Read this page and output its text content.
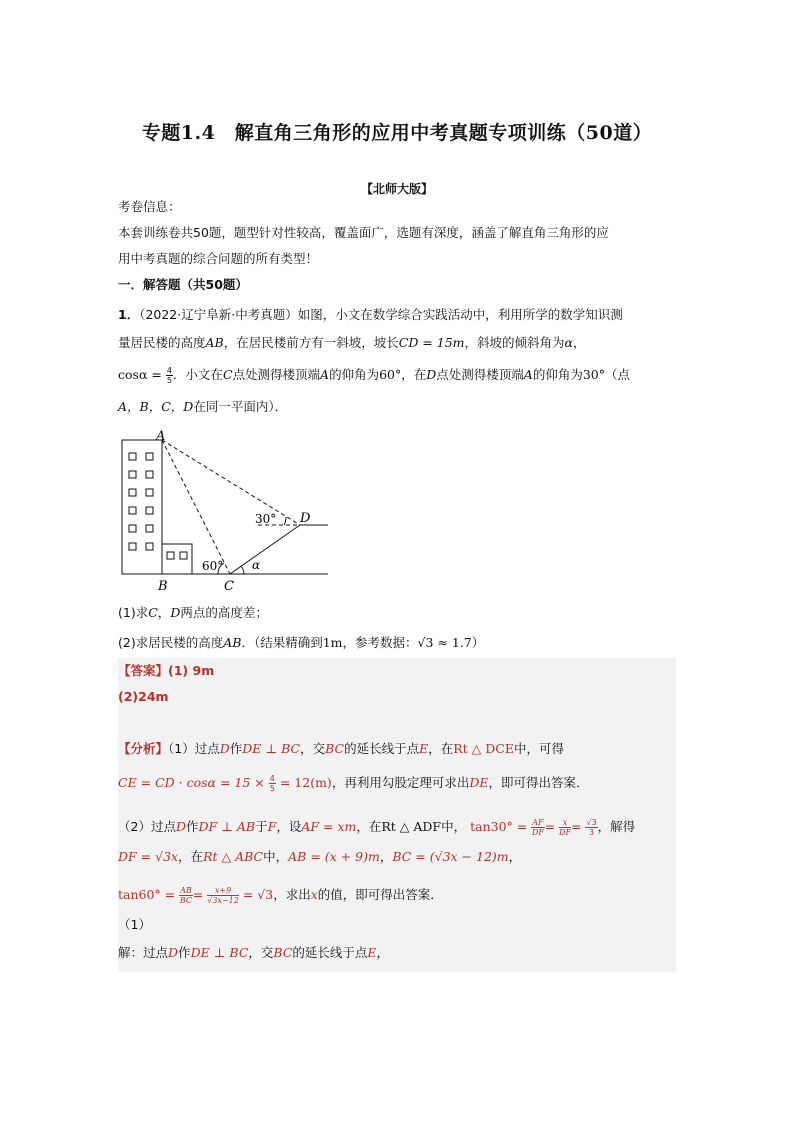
专题1.4　解直角三角形的应用中考真题专项训练（50道）
【北师大版】
考卷信息：
本套训练卷共50题，题型针对性较高，覆盖面广，选题有深度，涵盖了解直角三角形的应
用中考真题的综合问题的所有类型！
一．解答题（共50题）
1．（2022·辽宁阜新·中考真题）如图，小文在数学综合实践活动中，利用所学的数学知识测
量居民楼的高度AB，在居民楼前方有一斜坡，坡长CD = 15m，斜坡的倾斜角为α，
$\cos\alpha = \frac{4}{5}$ ．小文在C点处测得楼顶端A的仰角为60°，在D点处测得楼顶端A的仰角为30°（点
A，B，C，D在同一平面内）．
A
B	C
D
60°
30°
α
(1)求C，D两点的高度差；
(2)求居民楼的高度AB．（结果精确到1m，参考数据：√3 ≈ 1.7）
【答案】(1) 9m
(2)24m
【分析】（1）过点D作DE ⊥ BC，交BC的延长线于点E，在Rt △ DCE中，可得
CE = CD · $\cos\alpha = 15 \times \frac{4}{5} = 12(m)$，再利用勾股定理可求出DE，即可得出答案．
（2）过点D作DF ⊥ AB于F，设AF = xm，在Rt △ ADF中， $\tan 30^\circ = \frac{AF}{DF} = \frac{x}{DF} = \frac{√3}{3}$ ，解得
DF = √3x，在Rt △ ABC中，AB = (x + 9)m，BC = (√3x − 12)m，
$\tan 60^\circ = \frac{AB}{BC} = \frac{x+9}{√3x-12} = √3$，求出x的值，即可得出答案．
（1）
解：过点D作DE ⊥ BC，交BC的延长线于点E，
